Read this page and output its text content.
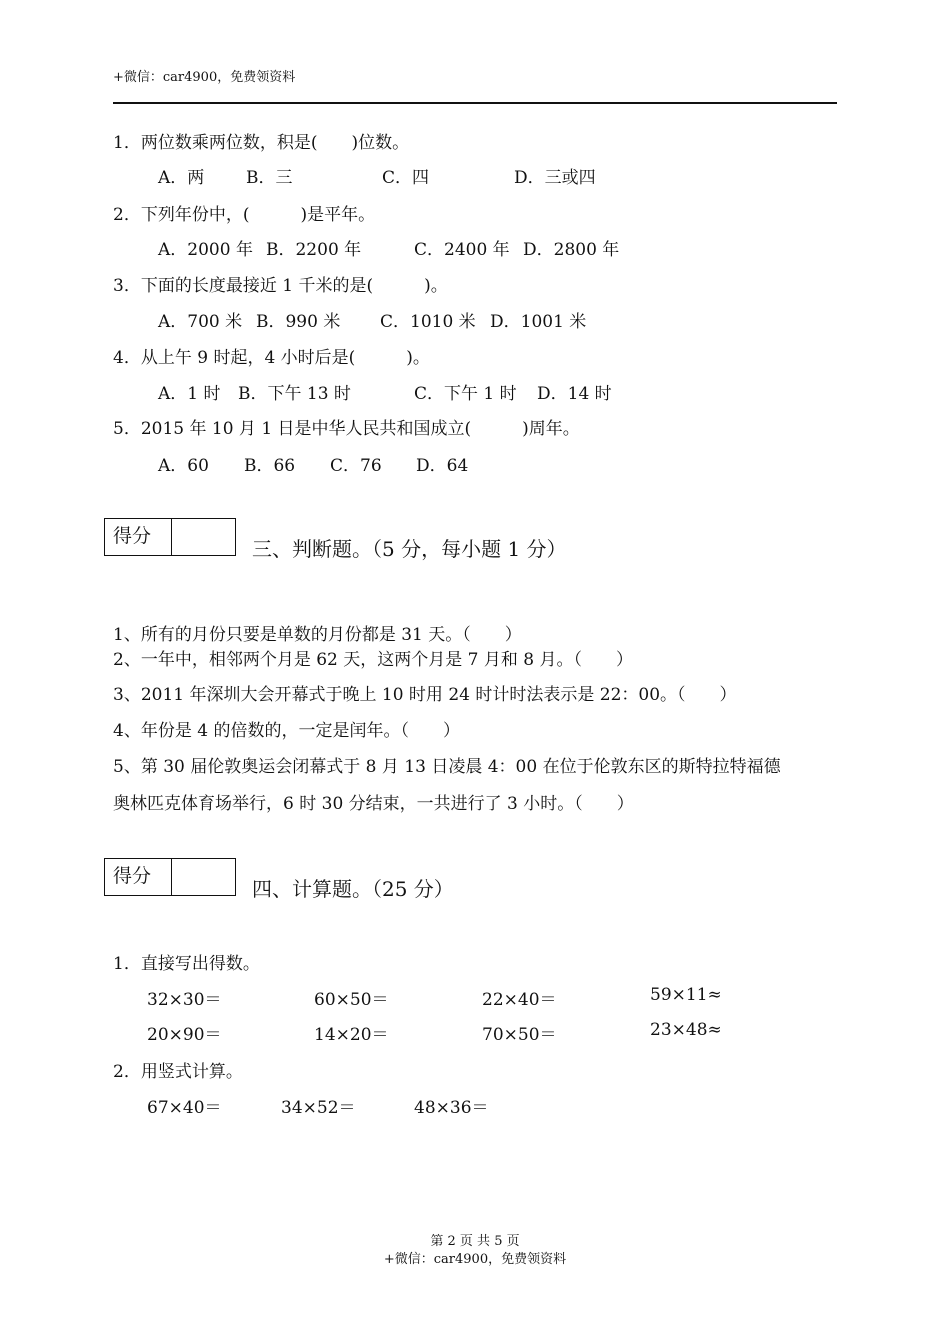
+微信：car4900，免费领资料
1．两位数乘两位数，积是(　　)位数。
A．两 B．三	C．四	D．三或四
2．下列年份中，(　　　)是平年。
A．2000 年 B．2200 年	C．2400 年 D．2800 年
3．下面的长度最接近 1 千米的是(　　　)。
A．700 米 B．990 米 C．1010 米 D．1001 米
4．从上午 9 时起，4 小时后是(　　　)。
A．1 时 B．下午 13 时	C．下午 1 时 D．14 时
5．2015 年 10 月 1 日是中华人民共和国成立(　　　)周年。
A．60 B．66 C．76 D．64
得分
三、判断题。（5 分，每小题 1 分）
1、所有的月份只要是单数的月份都是 31 天。（　　）
2、一年中，相邻两个月是 62 天，这两个月是 7 月和 8 月。（　　）
3、2011 年深圳大会开幕式于晚上 10 时用 24 时计时法表示是 22：00。（　　）
4、年份是 4 的倍数的，一定是闰年。（　　）
5、第 30 届伦敦奥运会闭幕式于 8 月 13 日凌晨 4：00 在位于伦敦东区的斯特拉特福德
奥林匹克体育场举行，6 时 30 分结束，一共进行了 3 小时。（　　）
得分
四、计算题。（25 分）
1．直接写出得数。
32×30＝	60×50＝	22×40＝	59×11≈
20×90＝	14×20＝	70×50＝	23×48≈
2．用竖式计算。
67×40＝	34×52＝	48×36＝
第 2 页 共 5 页
+微信：car4900，免费领资料
